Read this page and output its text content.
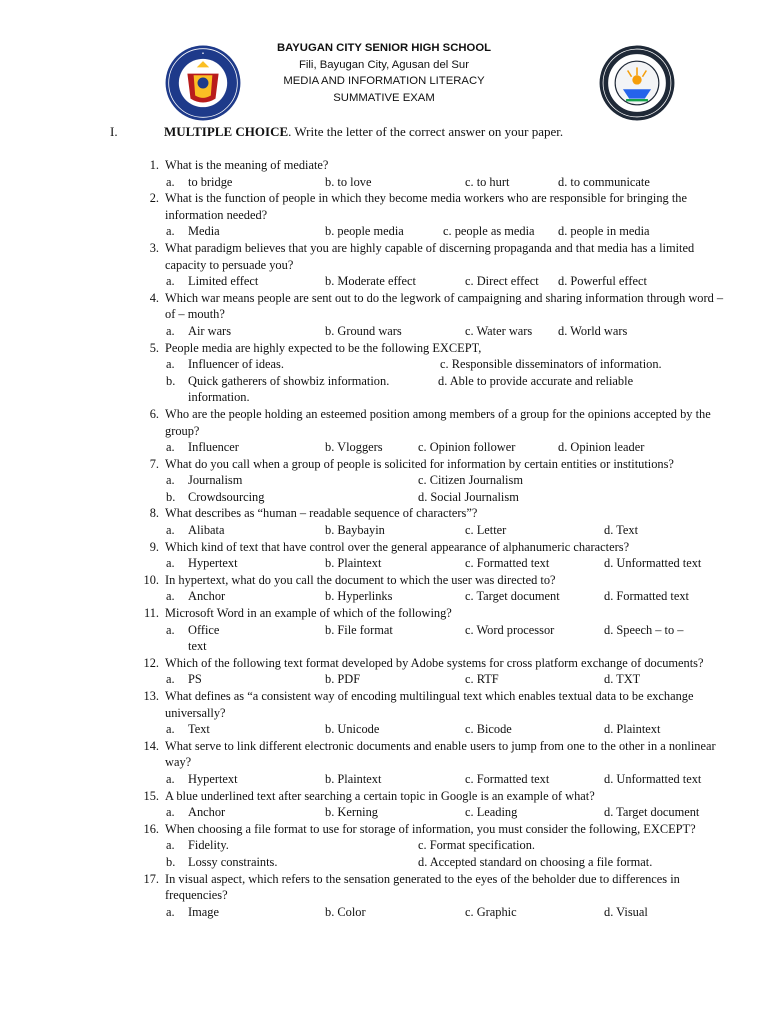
•	BAYUGAN CITY SENIOR HIGH SCHOOL
Fili, Bayugan City, Agusan del Sur
MEDIA AND INFORMATION LITERACY
SUMMATIVE EXAM
I.	MULTIPLE CHOICE. Write the letter of the correct answer on your paper.
1. What is the meaning of mediate?
a. to bridge	b. to love	c. to hurt	d. to communicate
2. What is the function of people in which they become media workers who are responsible for bringing the information needed?
a. Media	b. people media	c. people as media d. people in media
3. What paradigm believes that you are highly capable of discerning propaganda and that media has a limited capacity to persuade you?
a. Limited effect	b. Moderate effect	c. Direct effect d. Powerful effect
4. Which war means people are sent out to do the legwork of campaigning and sharing information through word – of – mouth?
a. Air wars	b. Ground wars	c. Water wars d. World wars
5. People media are highly expected to be the following EXCEPT,
a. Influencer of ideas.	c. Responsible disseminators of information.
b. Quick gatherers of showbiz information.	d. Able to provide accurate and reliable
information.
6. Who are the people holding an esteemed position among members of a group for the opinions accepted by the group?
a. Influencer	b. Vloggers	c. Opinion follower	d. Opinion leader
7. What do you call when a group of people is solicited for information by certain entities or institutions?
a. Journalism	c. Citizen Journalism
b. Crowdsourcing	d. Social Journalism
8. What describes as “human – readable sequence of characters”?
a. Alibata	b. Baybayin	c. Letter	d. Text
9. Which kind of text that have control over the general appearance of alphanumeric characters?
a. Hypertext	b. Plaintext	c. Formatted text	d. Unformatted text
10. In hypertext, what do you call the document to which the user was directed to?
a. Anchor	b. Hyperlinks	c. Target document	d. Formatted text
11. Microsoft Word in an example of which of the following?
a. Office	b. File format	c. Word processor	d. Speech – to –
text
12. Which of the following text format developed by Adobe systems for cross platform exchange of documents?
a. PS	b. PDF	c. RTF	d. TXT
13. What defines as “a consistent way of encoding multilingual text which enables textual data to be exchange universally?
a. Text	b. Unicode	c. Bicode	d. Plaintext
14. What serve to link different electronic documents and enable users to jump from one to the other in a nonlinear way?
a. Hypertext	b. Plaintext	c. Formatted text	d. Unformatted text
15. A blue underlined text after searching a certain topic in Google is an example of what?
a. Anchor	b. Kerning	c. Leading	d. Target document
16. When choosing a file format to use for storage of information, you must consider the following, EXCEPT?
a. Fidelity.	c. Format specification.
b. Lossy constraints.	d. Accepted standard on choosing a file format.
17. In visual aspect, which refers to the sensation generated to the eyes of the beholder due to differences in frequencies?
a. Image	b. Color	c. Graphic	d. Visual
